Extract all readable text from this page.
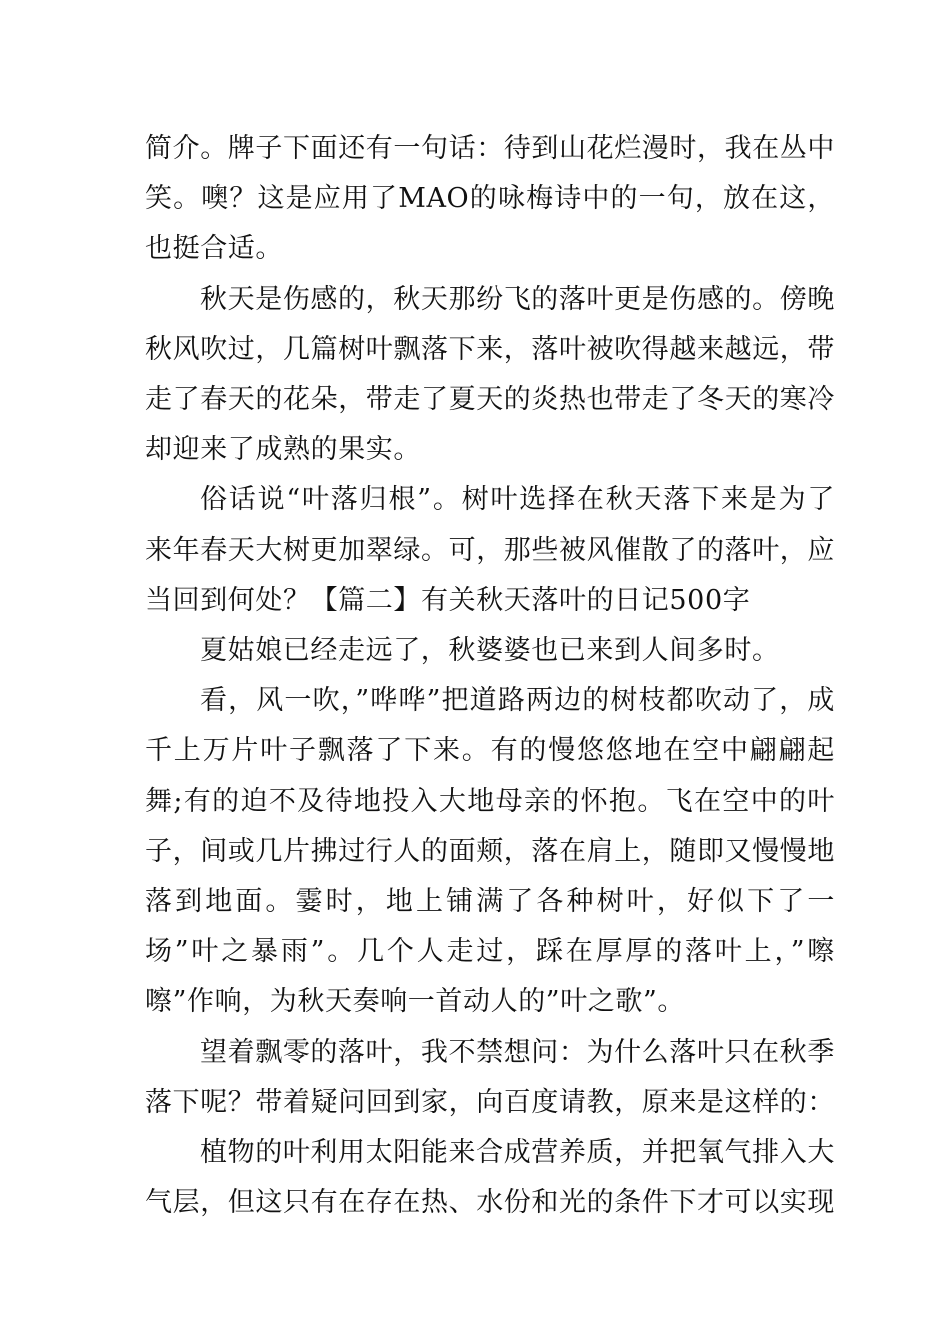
简介。牌子下面还有一句话：待到山花烂漫时，我在丛中笑。噢？这是应用了MAO的咏梅诗中的一句，放在这，也挺合适。

秋天是伤感的，秋天那纷飞的落叶更是伤感的。傍晚秋风吹过，几篇树叶飘落下来，落叶被吹得越来越远，带走了春天的花朵，带走了夏天的炎热也带走了冬天的寒冷却迎来了成熟的果实。

俗话说“叶落归根”。树叶选择在秋天落下来是为了来年春天大树更加翠绿。可，那些被风催散了的落叶，应当回到何处？【篇二】有关秋天落叶的日记500字

夏姑娘已经走远了，秋婆婆也已来到人间多时。

看，风一吹，”哗哗”把道路两边的树枝都吹动了，成千上万片叶子飘落了下来。有的慢悠悠地在空中翩翩起舞;有的迫不及待地投入大地母亲的怀抱。飞在空中的叶子，间或几片拂过行人的面颊，落在肩上，随即又慢慢地落到地面。霎时，地上铺满了各种树叶，好似下了一场”叶之暴雨”。几个人走过，踩在厚厚的落叶上，”嚓嚓”作响，为秋天奏响一首动人的”叶之歌”。

望着飘零的落叶，我不禁想问：为什么落叶只在秋季落下呢？带着疑问回到家，向百度请教，原来是这样的：

植物的叶利用太阳能来合成营养质，并把氧气排入大气层，但这只有在存在热、水份和光的条件下才可以实现
